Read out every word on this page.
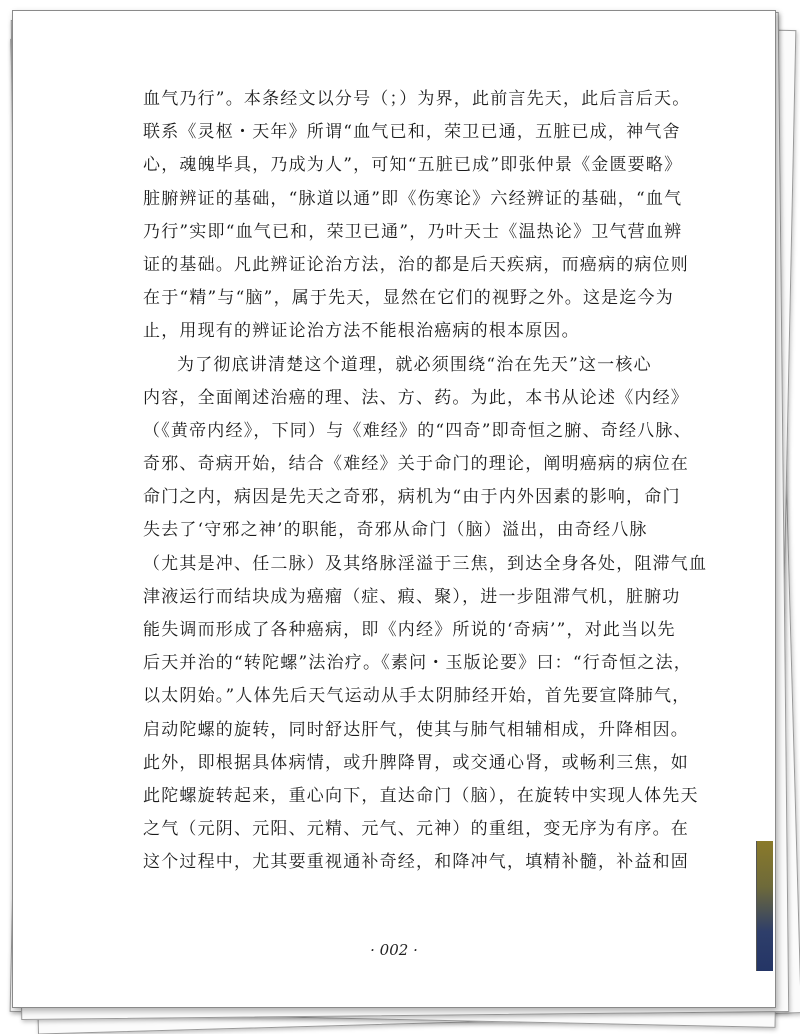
血气乃行”。本条经文以分号（；）为界，此前言先天，此后言后天。
联系《灵枢・天年》所谓“血气已和，荣卫已通，五脏已成，神气舍
心，魂魄毕具，乃成为人”，可知“五脏已成”即张仲景《金匮要略》
脏腑辨证的基础，“脉道以通”即《伤寒论》六经辨证的基础，“血气
乃行”实即“血气已和，荣卫已通”，乃叶天士《温热论》卫气营血辨
证的基础。凡此辨证论治方法，治的都是后天疾病，而癌病的病位则
在于“精”与“脑”，属于先天，显然在它们的视野之外。这是迄今为
止，用现有的辨证论治方法不能根治癌病的根本原因。
为了彻底讲清楚这个道理，就必须围绕“治在先天”这一核心
内容，全面阐述治癌的理、法、方、药。为此，本书从论述《内经》
（《黄帝内经》，下同）与《难经》的“四奇”即奇恒之腑、奇经八脉、
奇邪、奇病开始，结合《难经》关于命门的理论，阐明癌病的病位在
命门之内，病因是先天之奇邪，病机为“由于内外因素的影响，命门
失去了‘守邪之神’的职能，奇邪从命门（脑）溢出，由奇经八脉
（尤其是冲、任二脉）及其络脉淫溢于三焦，到达全身各处，阻滞气血
津液运行而结块成为癌瘤（症、瘕、聚），进一步阻滞气机，脏腑功
能失调而形成了各种癌病，即《内经》所说的‘奇病’”，对此当以先
后天并治的“转陀螺”法治疗。《素问・玉版论要》曰：“行奇恒之法，
以太阴始。”人体先后天气运动从手太阴肺经开始，首先要宣降肺气，
启动陀螺的旋转，同时舒达肝气，使其与肺气相辅相成，升降相因。
此外，即根据具体病情，或升脾降胃，或交通心肾，或畅利三焦，如
此陀螺旋转起来，重心向下，直达命门（脑），在旋转中实现人体先天
之气（元阴、元阳、元精、元气、元神）的重组，变无序为有序。在
这个过程中，尤其要重视通补奇经，和降冲气，填精补髓，补益和固
· 002 ·
